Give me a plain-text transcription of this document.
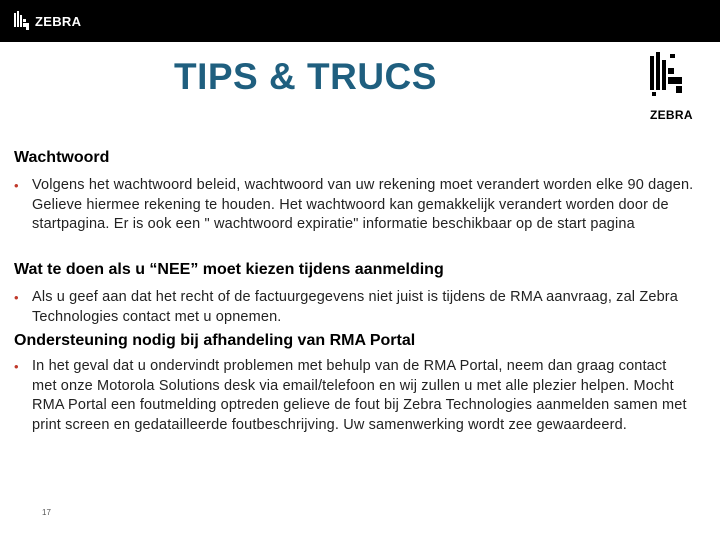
ZEBRA
TIPS & TRUCS
ZEBRA
Wachtwoord
• Volgens het wachtwoord beleid, wachtwoord van uw rekening moet verandert worden elke 90 dagen. Gelieve hiermee rekening te houden. Het wachtwoord kan gemakkelijk verandert worden door de startpagina. Er is ook een " wachtwoord expiratie" informatie beschikbaar op de start pagina
Wat te doen als u “NEE” moet kiezen tijdens aanmelding
• Als u geef aan dat het recht of de factuurgegevens niet juist is tijdens de RMA aanvraag, zal Zebra Technologies contact met u opnemen.
Ondersteuning nodig bij afhandeling van RMA Portal
• In het geval dat u ondervindt problemen met behulp van de RMA Portal, neem dan graag contact met onze Motorola Solutions desk via email/telefoon en wij zullen u met alle plezier helpen. Mocht RMA Portal een foutmelding optreden gelieve de fout bij Zebra Technologies aanmelden samen met print screen en gedatailleerde foutbeschrijving. Uw samenwerking wordt zee gewaardeerd.
17
